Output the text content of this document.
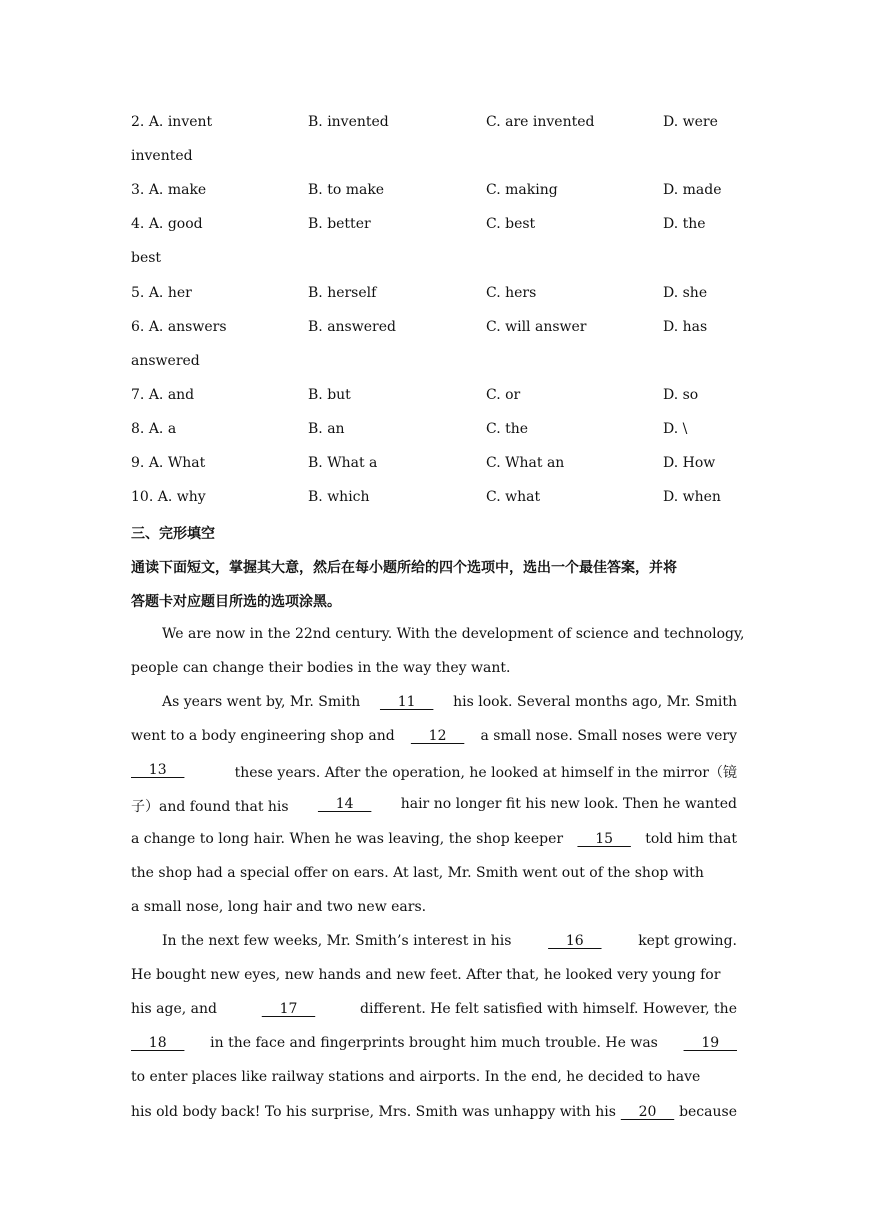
2. A. invent	B. invented	C. are invented	D. were
invented
3. A. make	B. to make	C. making	D. made
4. A. good	B. better	C. best	D. the
best
5. A. her	B. herself	C. hers	D. she
6. A. answers	B. answered	C. will answer	D. has
answered
7. A. and	B. but	C. or	D. so
8. A. a	B. an	C. the	D. \
9. A. What	B. What a	C. What an	D. How
10. A. why	B. which	C. what	D. when
三、完形填空
通读下面短文，掌握其大意，然后在每小题所给的四个选项中，选出一个最佳答案，并将
答题卡对应题目所选的选项涂黑。
We are now in the 22nd century. With the development of science and technology,
people can change their bodies in the way they want.
As years went by, Mr. Smith 11 his look. Several months ago, Mr. Smith
went to a body engineering shop and 12 a small nose. Small noses were very
13	these years. After the operation, he looked at himself in the mirror（镜
子）and found that his 14 hair no longer fit his new look. Then he wanted
a change to long hair. When he was leaving, the shop keeper 15 told him that
the shop had a special offer on ears. At last, Mr. Smith went out of the shop with
a small nose, long hair and two new ears.
In the next few weeks, Mr. Smith’s interest in his	16	kept growing.
He bought new eyes, new hands and new feet. After that, he looked very young for
his age, and	17	different. He felt satisfied with himself. However, the
18 in the face and fingerprints brought him much trouble. He was 19
to enter places like railway stations and airports. In the end, he decided to have
his old body back! To his surprise, Mrs. Smith was unhappy with his 20 because
